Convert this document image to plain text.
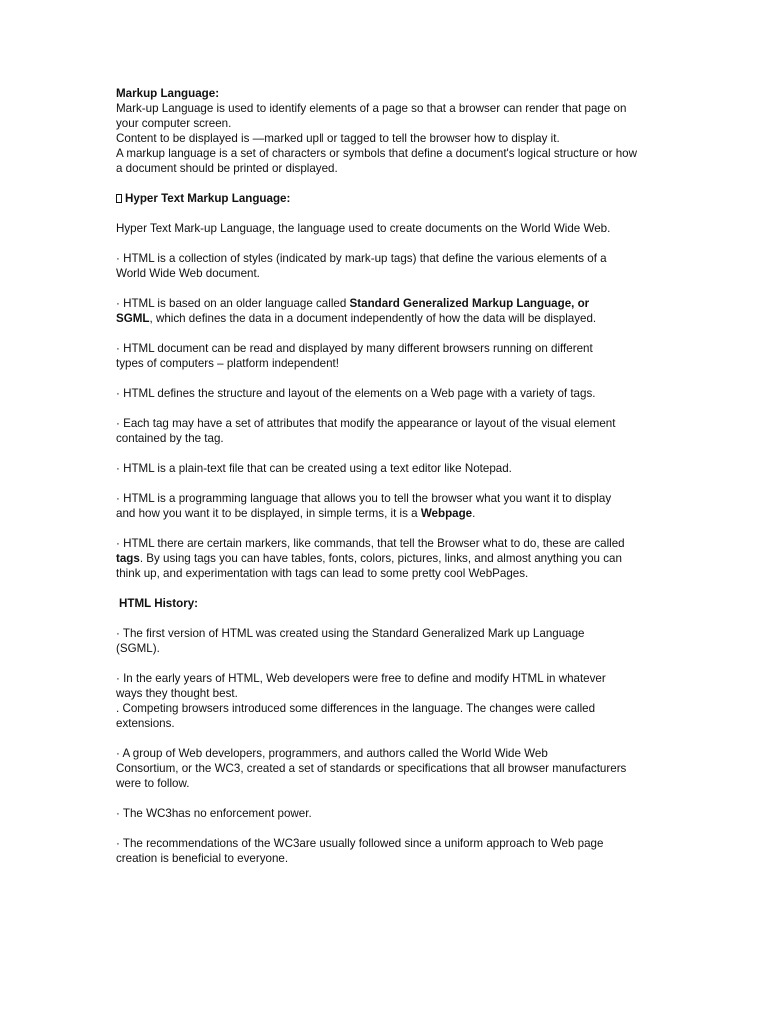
Markup Language:
Mark-up Language is used to identify elements of a page so that a browser can render that page on
your computer screen.
Content to be displayed is —marked up‖ or tagged to tell the browser how to display it.
A markup language is a set of characters or symbols that define a document's logical structure or how
a document should be printed or displayed.
Hyper Text Markup Language:
Hyper Text Mark-up Language, the language used to create documents on the World Wide Web.
· HTML is a collection of styles (indicated by mark-up tags) that define the various elements of a
World Wide Web document.
· HTML is based on an older language called Standard Generalized Markup Language, or
SGML, which defines the data in a document independently of how the data will be displayed.
· HTML document can be read and displayed by many different browsers running on different
types of computers – platform independent!
· HTML defines the structure and layout of the elements on a Web page with a variety of tags.
· Each tag may have a set of attributes that modify the appearance or layout of the visual element
contained by the tag.
· HTML is a plain-text file that can be created using a text editor like Notepad.
· HTML is a programming language that allows you to tell the browser what you want it to display
and how you want it to be displayed, in simple terms, it is a Webpage.
· HTML there are certain markers, like commands, that tell the Browser what to do, these are called
tags. By using tags you can have tables, fonts, colors, pictures, links, and almost anything you can
think up, and experimentation with tags can lead to some pretty cool WebPages.
HTML History:
· The first version of HTML was created using the Standard Generalized Mark up Language
(SGML).
· In the early years of HTML, Web developers were free to define and modify HTML in whatever
ways they thought best.
. Competing browsers introduced some differences in the language. The changes were called
extensions.
· A group of Web developers, programmers, and authors called the World Wide Web
Consortium, or the WC3, created a set of standards or specifications that all browser manufacturers
were to follow.
· The WC3has no enforcement power.
· The recommendations of the WC3are usually followed since a uniform approach to Web page
creation is beneficial to everyone.
